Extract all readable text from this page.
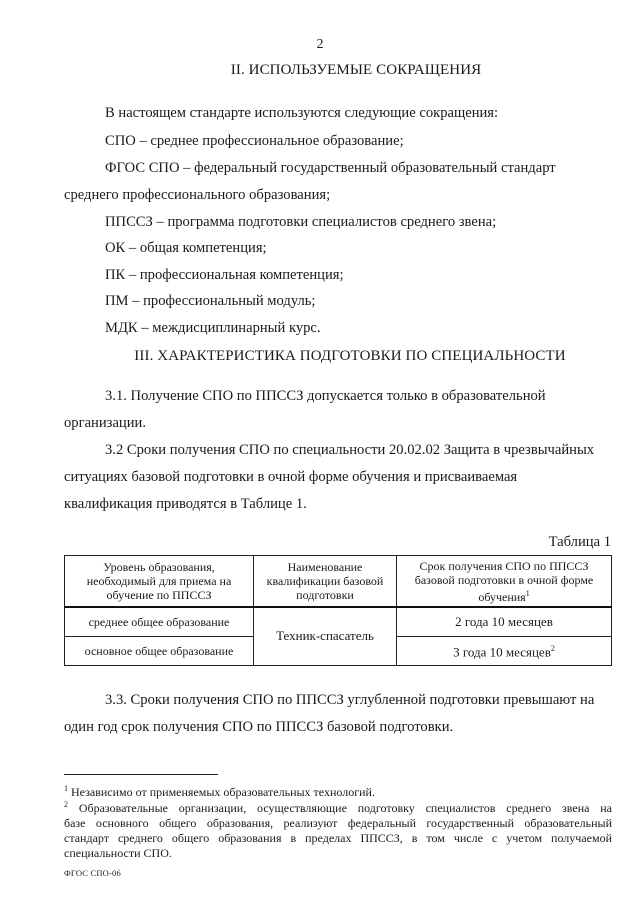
2
II. ИСПОЛЬЗУЕМЫЕ СОКРАЩЕНИЯ
В настоящем стандарте используются следующие сокращения:
СПО – среднее профессиональное образование;
ФГОС СПО – федеральный государственный образовательный стандарт
среднего профессионального образования;
ППССЗ – программа подготовки специалистов среднего звена;
ОК – общая компетенция;
ПК – профессиональная компетенция;
ПМ – профессиональный модуль;
МДК – междисциплинарный курс.
III. ХАРАКТЕРИСТИКА ПОДГОТОВКИ ПО СПЕЦИАЛЬНОСТИ
3.1. Получение СПО по ППССЗ допускается только в образовательной
организации.
3.2 Сроки получения СПО по специальности 20.02.02 Защита в чрезвычайных
ситуациях базовой подготовки в очной форме обучения и присваиваемая
квалификация приводятся в Таблице 1.
Таблица 1
Уровень образования, необходимый для приема на обучение по ППССЗ	Наименование квалификации базовой подготовки	Срок получения СПО по ППССЗ базовой подготовки в очной форме обучения$^1$
среднее общее образование	Техник-спасатель	2 года 10 месяцев
основное общее образование		3 года 10 месяцев$^2$
3.3. Сроки получения СПО по ППССЗ углубленной подготовки превышают на
один год срок получения СПО по ППССЗ базовой подготовки.
$^1$ Независимо от применяемых образовательных технологий.
$^2$ Образовательные организации, осуществляющие подготовку специалистов среднего звена на
базе основного общего образования, реализуют федеральный государственный образовательный
стандарт среднего общего образования в пределах ППССЗ, в том числе с учетом получаемой
специальности СПО.
ФГОС СПО-06
